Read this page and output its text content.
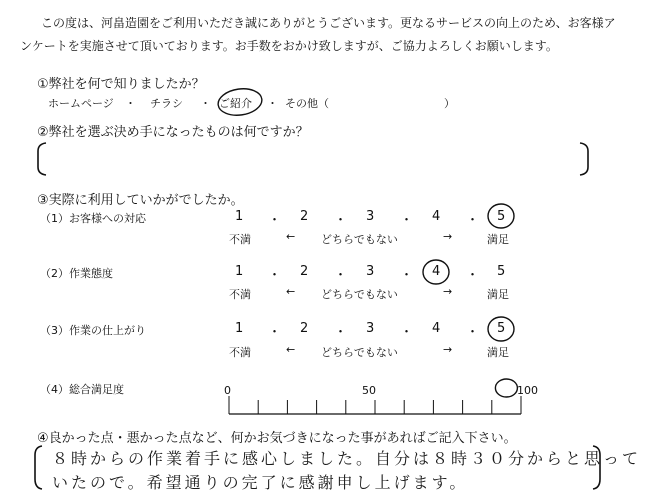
この度は、河畠造園をご利用いただき誠にありがとうございます。更なるサービスの向上のため、お客様ア
ンケートを実施させて頂いております。お手数をおかけ致しますが、ご協力よろしくお願いします。
①弊社を何で知りましたか？
ホームページ ・ チラシ ・ ご紹介 ・ その他（	）
②弊社を選ぶ決め手になったものは何ですか？
③実際に利用していかがでしたか。
（1）お客様への対応	1 ・ 2 ・ 3 ・ 4 ・ 5
不満	← どちらでもない	→	満足
（2）作業態度	1 ・ 2 ・ 3 ・ 4 ・ 5
不満	← どちらでもない	→	満足
（3）作業の仕上がり	1 ・ 2 ・ 3 ・ 4 ・ 5
不満	← どちらでもない	→	満足
（4）総合満足度	0	50	100
④良かった点・悪かった点など、何かお気づきになった事があればご記入下さい。
８時からの作業着手に感心しました。自分は８時３０分からと思って
いたので。希望通りの完了に感謝申し上げます。
